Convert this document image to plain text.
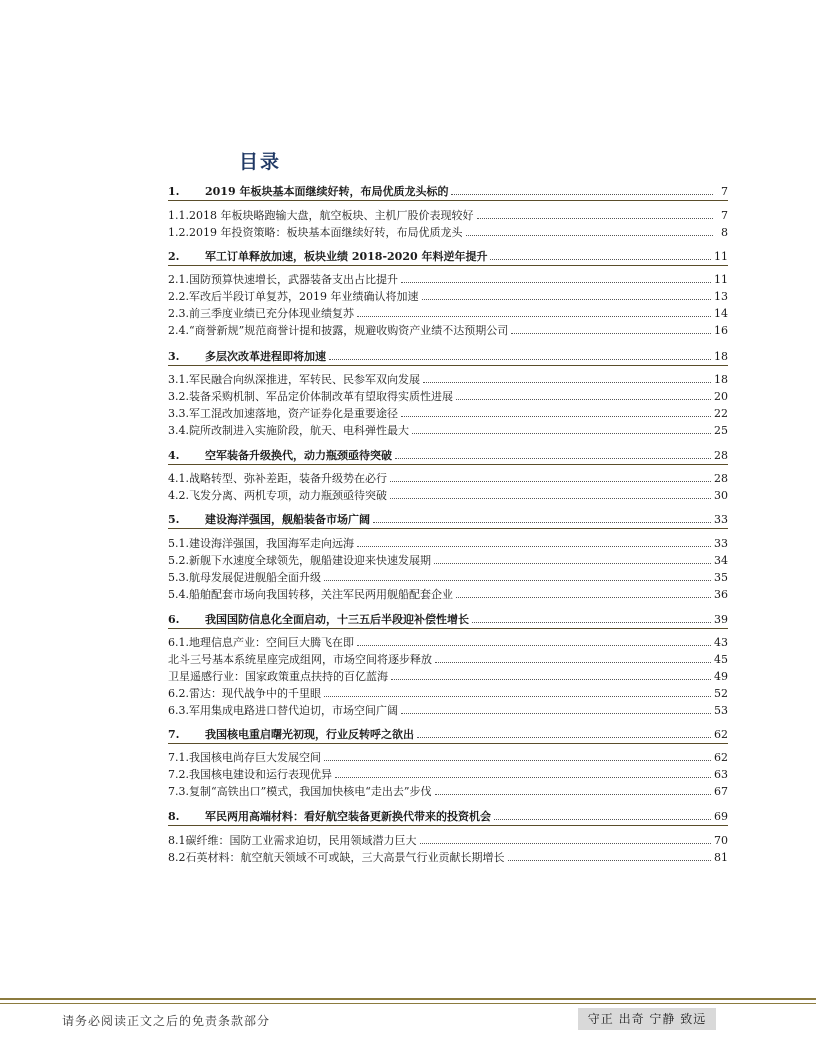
目录
1.	2019 年板块基本面继续好转，布局优质龙头标的	7
1.1. 2018 年板块略跑输大盘，航空板块、主机厂股价表现较好	7
1.2. 2019 年投资策略：板块基本面继续好转，布局优质龙头	8
2.	军工订单释放加速，板块业绩 2018-2020 年料逆年提升	11
2.1. 国防预算快速增长，武器装备支出占比提升	11
2.2. 军改后半段订单复苏，2019 年业绩确认将加速	13
2.3. 前三季度业绩已充分体现业绩复苏	14
2.4. “商誉新规”规范商誉计提和披露，规避收购资产业绩不达预期公司	16
3.	多层次改革进程即将加速	18
3.1. 军民融合向纵深推进，军转民、民参军双向发展	18
3.2. 装备采购机制、军品定价体制改革有望取得实质性进展	20
3.3. 军工混改加速落地，资产证券化是重要途径	22
3.4. 院所改制进入实施阶段，航天、电科弹性最大	25
4.	空军装备升级换代，动力瓶颈亟待突破	28
4.1. 战略转型、弥补差距，装备升级势在必行	28
4.2. 飞发分离、两机专项，动力瓶颈亟待突破	30
5.	建设海洋强国，舰船装备市场广阔	33
5.1. 建设海洋强国，我国海军走向远海	33
5.2. 新舰下水速度全球领先，舰船建设迎来快速发展期	34
5.3. 航母发展促进舰船全面升级	35
5.4. 船舶配套市场向我国转移，关注军民两用舰船配套企业	36
6.	我国国防信息化全面启动，十三五后半段迎补偿性增长	39
6.1. 地理信息产业：空间巨大腾飞在即	43
北斗三号基本系统星座完成组网，市场空间将逐步释放	45
卫星遥感行业：国家政策重点扶持的百亿蓝海	49
6.2. 雷达：现代战争中的千里眼	52
6.3. 军用集成电路进口替代迫切，市场空间广阔	53
7.	我国核电重启曙光初现，行业反转呼之欲出	62
7.1. 我国核电尚存巨大发展空间	62
7.2. 我国核电建设和运行表现优异	63
7.3. 复制“高铁出口”模式，我国加快核电“走出去”步伐	67
8.	军民两用高端材料：看好航空装备更新换代带来的投资机会	69
8.1 碳纤维：国防工业需求迫切，民用领域潜力巨大	70
8.2 石英材料：航空航天领域不可或缺，三大高景气行业贡献长期增长	81
请务必阅读正文之后的免责条款部分	守正 出奇 宁静 致远
